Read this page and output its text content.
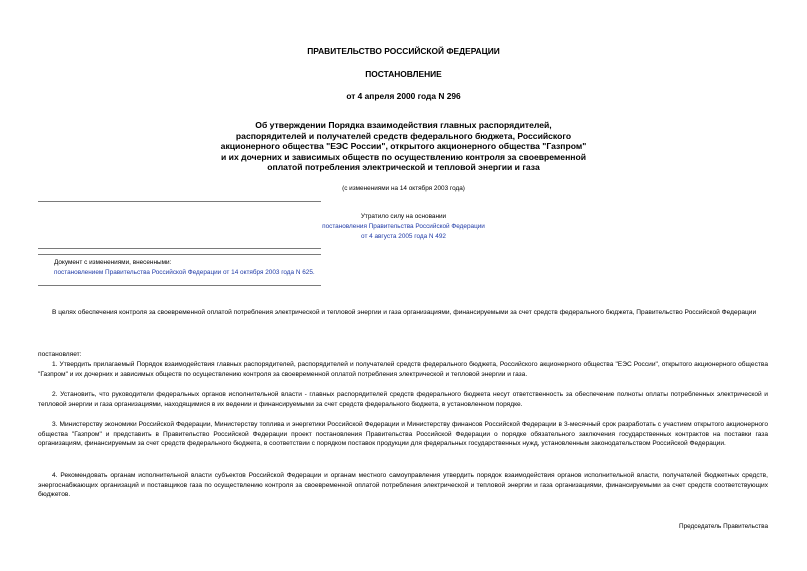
ПРАВИТЕЛЬСТВО РОССИЙСКОЙ ФЕДЕРАЦИИ
ПОСТАНОВЛЕНИЕ
от 4 апреля 2000 года N 296
Об утверждении Порядка взаимодействия главных распорядителей,
распорядителей и получателей средств федерального бюджета, Российского
акционерного общества "ЕЭС России", открытого акционерного общества "Газпром"
и их дочерних и зависимых обществ по осуществлению контроля за своевременной
оплатой потребления электрической и тепловой энергии и газа
(с изменениями на 14 октября 2003 года)
Утратило силу на основании
постановления Правительства Российской Федерации
от 4 августа 2005 года N 492
Документ с изменениями, внесенными:
постановлением Правительства Российской Федерации от 14 октября 2003 года N 625.
В целях обеспечения контроля за своевременной оплатой потребления электрической и тепловой энергии и газа организациями, финансируемыми за счет средств федерального бюджета, Правительство Российской Федерации
постановляет:
1. Утвердить прилагаемый Порядок взаимодействия главных распорядителей, распорядителей и получателей средств федерального бюджета, Российского акционерного общества "ЕЭС России", открытого акционерного общества "Газпром" и их дочерних и зависимых обществ по осуществлению контроля за своевременной оплатой потребления электрической и тепловой энергии и газа.
2. Установить, что руководители федеральных органов исполнительной власти - главных распорядителей средств федерального бюджета несут ответственность за обеспечение полноты оплаты потребленных электрической и тепловой энергии и газа организациями, находящимися в их ведении и финансируемыми за счет средств федерального бюджета, в установленном порядке.
3. Министерству экономики Российской Федерации, Министерству топлива и энергетики Российской Федерации и Министерству финансов Российской Федерации в 3-месячный срок разработать с участием открытого акционерного общества "Газпром" и представить в Правительство Российской Федерации проект постановления Правительства Российской Федерации о порядке обязательного заключения государственных контрактов на поставки газа организациям, финансируемым за счет средств федерального бюджета, в соответствии с порядком поставок продукции для федеральных государственных нужд, установленным законодательством Российской Федерации.
4. Рекомендовать органам исполнительной власти субъектов Российской Федерации и органам местного самоуправления утвердить порядок взаимодействия органов исполнительной власти, получателей бюджетных средств, энергоснабжающих организаций и поставщиков газа по осуществлению контроля за своевременной оплатой потребления электрической и тепловой энергии и газа организациями, финансируемыми за счет средств соответствующих бюджетов.
Председатель Правительства
